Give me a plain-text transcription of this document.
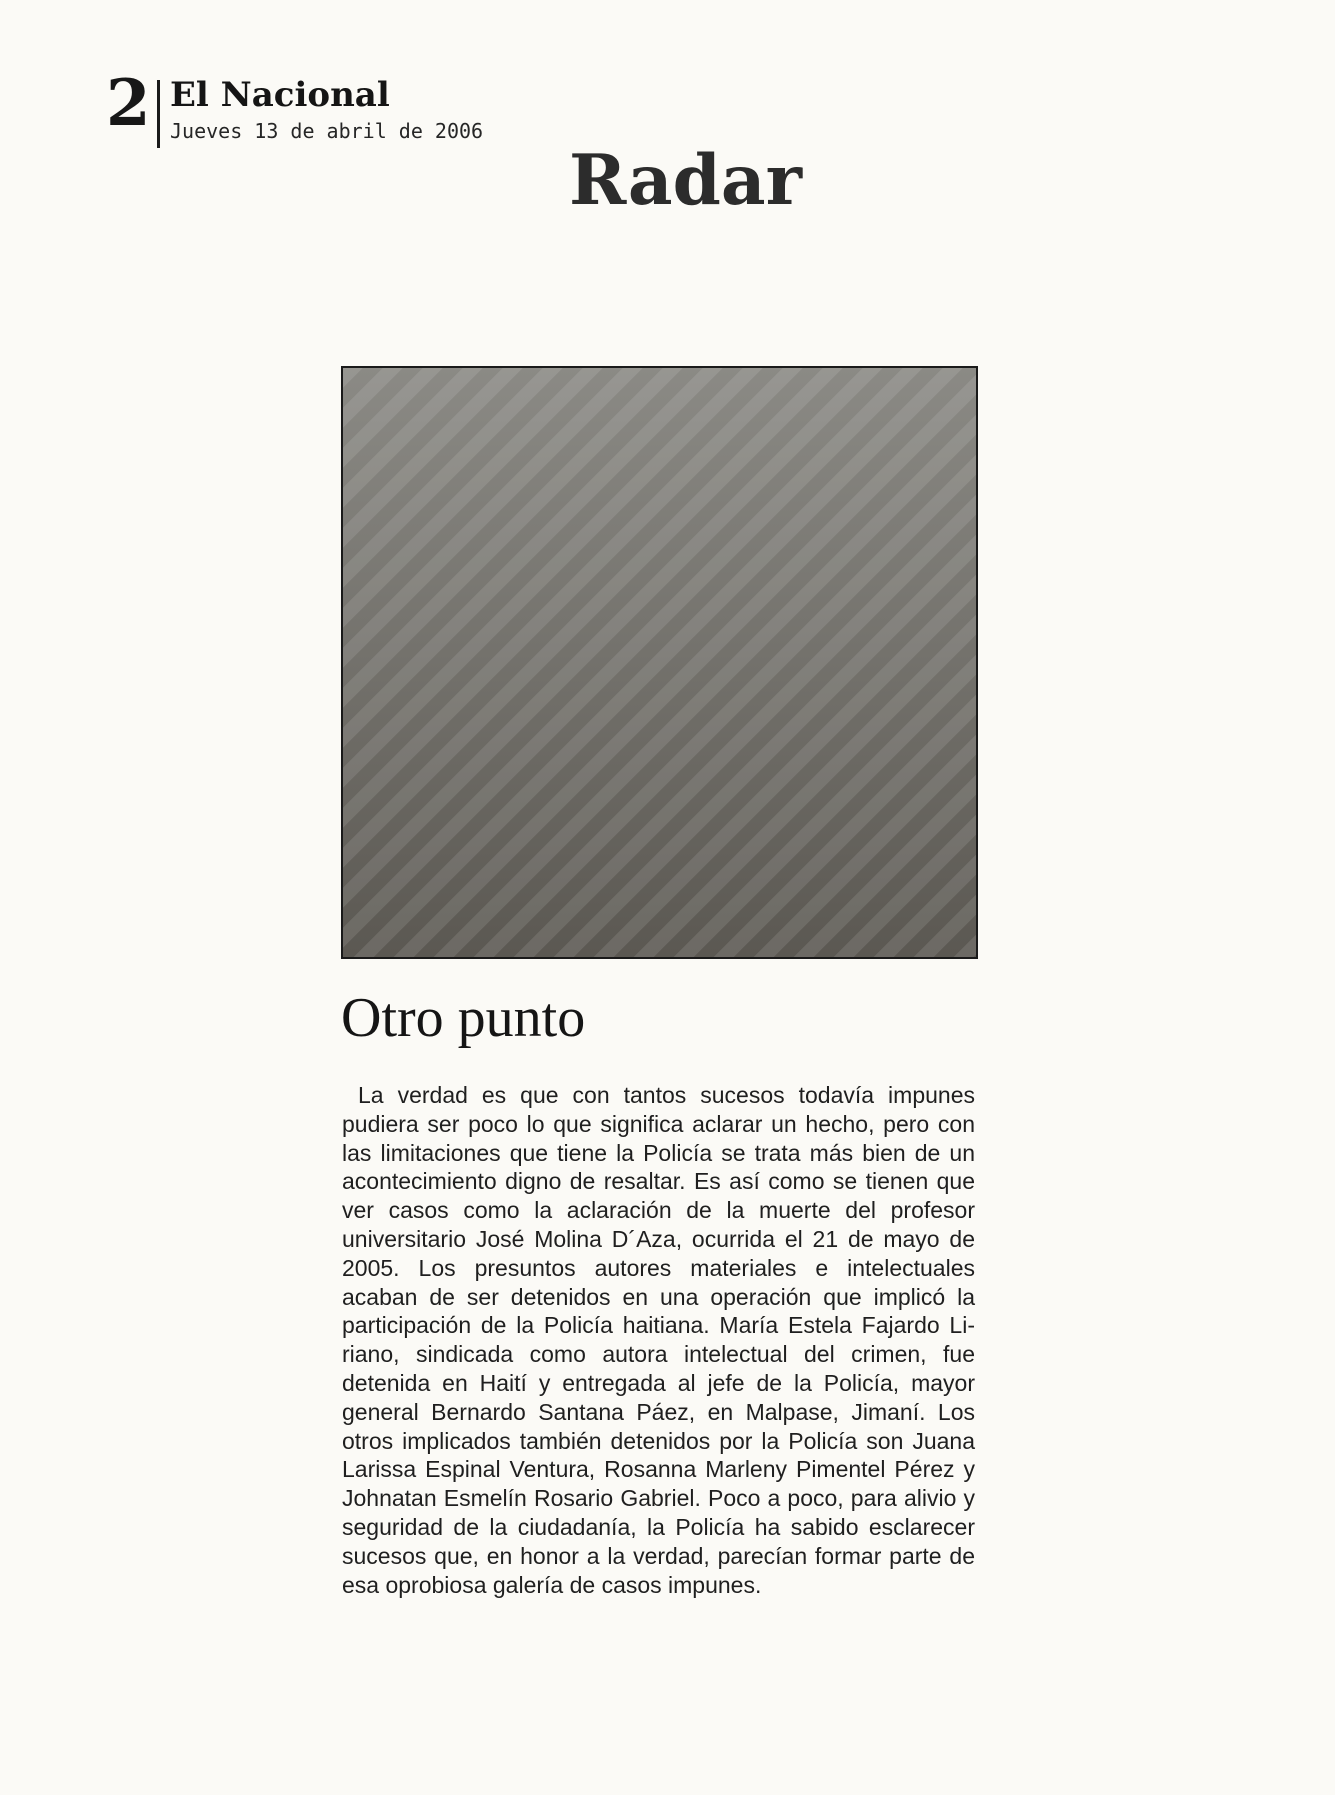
2 El Nacional
Jueves 13 de abril de 2006
Radar
Otro punto

La verdad es que con tantos sucesos todavía impunes pudiera ser poco lo que significa aclarar un hecho, pero con las limitaciones que tiene la Policía se trata más bien de un acontecimiento digno de resaltar. Es así como se tienen que ver casos como la aclaración de la muerte del profesor universitario José Molina D´Aza, ocurrida el 21 de mayo de 2005. Los presuntos autores materiales e intelectuales acaban de ser detenidos en una operación que implicó la participación de la Policía haitiana. María Estela Fajardo Liriano, sindicada como autora intelectual del crimen, fue detenida en Haití y entregada al jefe de la Policía, mayor general Bernardo Santana Páez, en Malpase, Jimaní. Los otros implicados también detenidos por la Policía son Juana Larissa Espinal Ventura, Rosanna Marleny Pimentel Pérez y Johnatan Esmelín Rosario Gabriel. Poco a poco, para alivio y seguridad de la ciudadanía, la Policía ha sabido esclarecer sucesos que, en honor a la verdad, parecían formar parte de esa oprobiosa galería de casos impunes.
